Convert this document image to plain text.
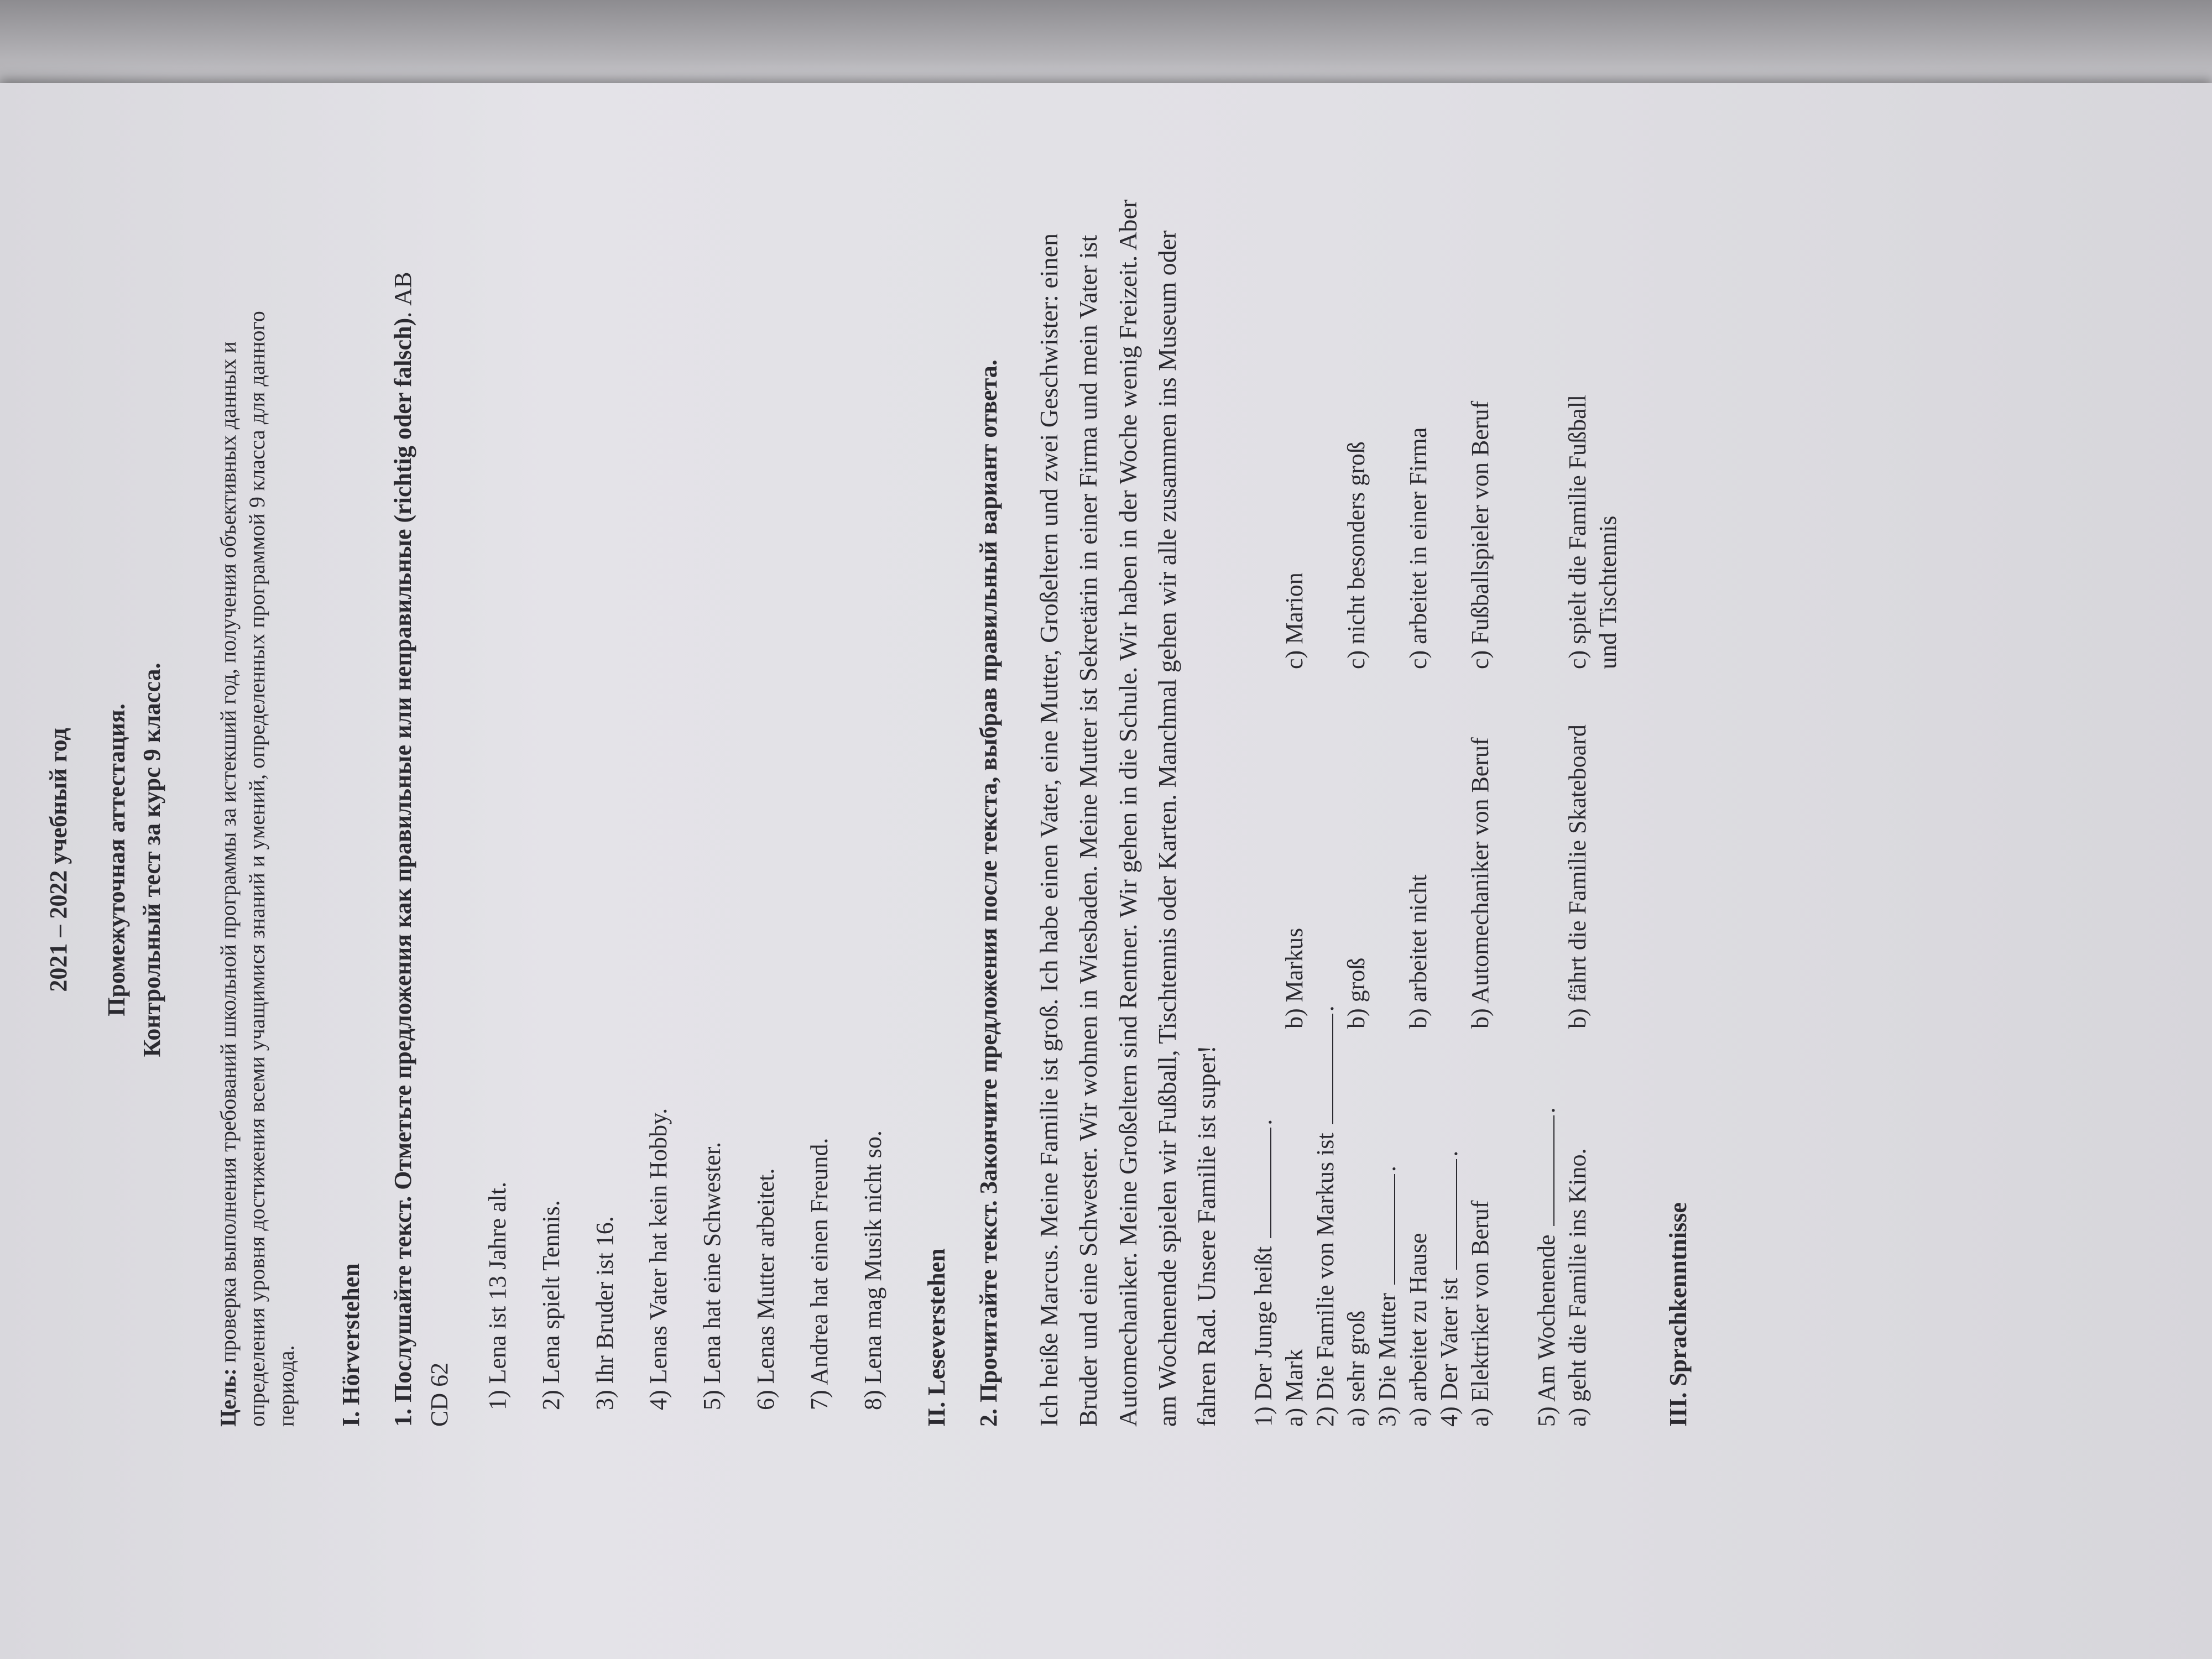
2021 – 2022 учебный год Промежуточная аттестация. Контрольный тест за курс 9 класса.
Цель: проверка выполнения требований школьной программы за истекший год, получения объективных данных и определения уровня достижения всеми учащимися знаний и умений, определенных программой 9 класса для данного периода. I. Hörverstehen 1. Послушайте текст. Отметьте предложения как правильные или неправильные (richtig oder falsch). AB CD 62 1) Lena ist 13 Jahre alt. 2) Lena spielt Tennis. 3) Ihr Bruder ist 16. 4) Lenas Vater hat kein Hobby. 5) Lena hat eine Schwester. 6) Lenas Mutter arbeitet. 7) Andrea hat einen Freund. 8) Lena mag Musik nicht so. II. Leseverstehen 2. Прочитайте текст. Закончите предложения после текста, выбрав правильный вариант ответа. Ich heiße Marcus. Meine Familie ist groß. Ich habe einen Vater, eine Mutter, Großeltern und zwei Geschwister: einen Bruder und eine Schwester. Wir wohnen in Wiesbaden. Meine Mutter ist Sekretärin in einer Firma und mein Vater ist Automechaniker. Meine Großeltern sind Rentner. Wir gehen in die Schule. Wir haben in der Woche wenig Freizeit. Aber am Wochenende spielen wir Fußball, Tischtennis oder Karten. Manchmal gehen wir alle zusammen ins Museum oder fahren Rad. Unsere Familie ist super! 1) Der Junge heißt .
a) Mark
b) Markus
c) Marion
2) Die Familie von Markus ist .
a) sehr groß
b) groß
c) nicht besonders groß
3) Die Mutter .
a) arbeitet zu Hause
b) arbeitet nicht
c) arbeitet in einer Firma
4) Der Vater ist .
a) Elektriker von Beruf
b) Automechaniker von Beruf
c) Fußballspieler von Beruf
5) Am Wochenende .
a) geht die Familie ins Kino.
b) fährt die Familie Skateboard
c) spielt die Familie Fußball und Tischtennis
III. Sprachkenntnisse
